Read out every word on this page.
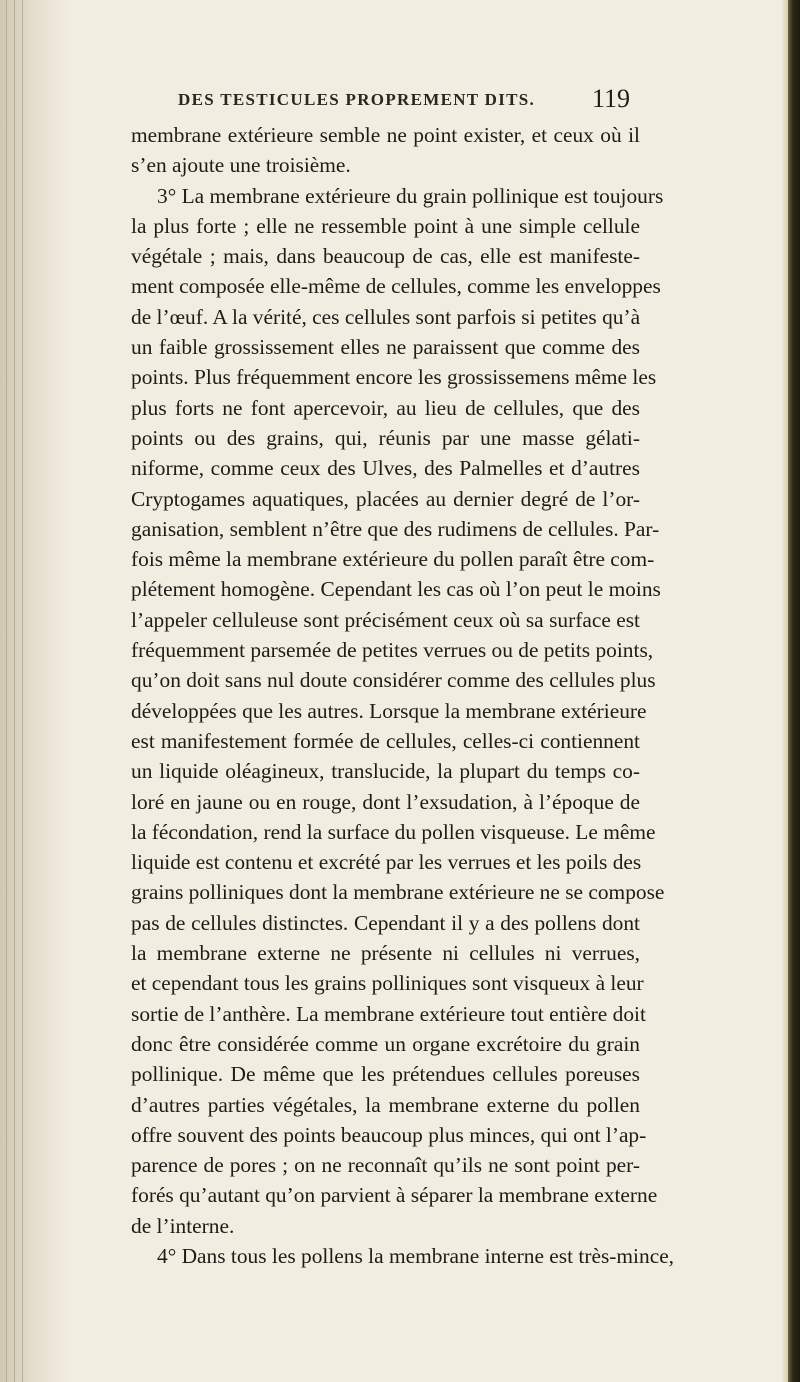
DES TESTICULES PROPREMENT DITS. 119
membrane extérieure semble ne point exister, et ceux où il
s’en ajoute une troisième.
3° La membrane extérieure du grain pollinique est toujours
la plus forte ; elle ne ressemble point à une simple cellule
végétale ; mais, dans beaucoup de cas, elle est manifeste-
ment composée elle-même de cellules, comme les enveloppes
de l’œuf. A la vérité, ces cellules sont parfois si petites qu’à
un faible grossissement elles ne paraissent que comme des
points. Plus fréquemment encore les grossissemens même les
plus forts ne font apercevoir, au lieu de cellules, que des
points ou des grains, qui, réunis par une masse gélati-
niforme, comme ceux des Ulves, des Palmelles et d’autres
Cryptogames aquatiques, placées au dernier degré de l’or-
ganisation, semblent n’être que des rudimens de cellules. Par-
fois même la membrane extérieure du pollen paraît être com-
plétement homogène. Cependant les cas où l’on peut le moins
l’appeler celluleuse sont précisément ceux où sa surface est
fréquemment parsemée de petites verrues ou de petits points,
qu’on doit sans nul doute considérer comme des cellules plus
développées que les autres. Lorsque la membrane extérieure
est manifestement formée de cellules, celles-ci contiennent
un liquide oléagineux, translucide, la plupart du temps co-
loré en jaune ou en rouge, dont l’exsudation, à l’époque de
la fécondation, rend la surface du pollen visqueuse. Le même
liquide est contenu et excrété par les verrues et les poils des
grains polliniques dont la membrane extérieure ne se compose
pas de cellules distinctes. Cependant il y a des pollens dont
la membrane externe ne présente ni cellules ni verrues,
et cependant tous les grains polliniques sont visqueux à leur
sortie de l’anthère. La membrane extérieure tout entière doit
donc être considérée comme un organe excrétoire du grain
pollinique. De même que les prétendues cellules poreuses
d’autres parties végétales, la membrane externe du pollen
offre souvent des points beaucoup plus minces, qui ont l’ap-
parence de pores ; on ne reconnaît qu’ils ne sont point per-
forés qu’autant qu’on parvient à séparer la membrane externe
de l’interne.
4° Dans tous les pollens la membrane interne est très-mince,
